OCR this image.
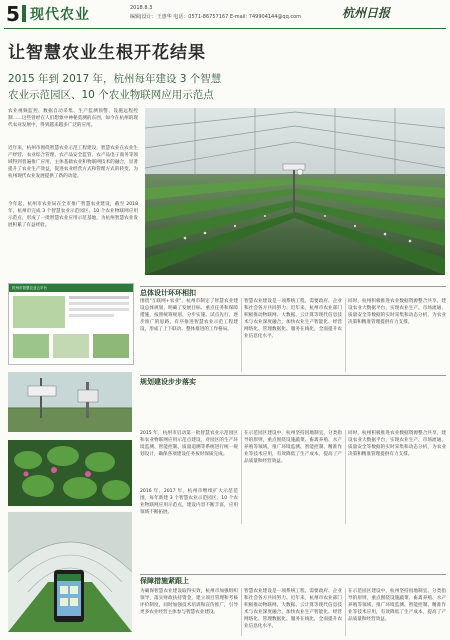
5 现代农业	2018.8.3
编辑|设计：王惠华 电话：0571-86757167 E-mail: 749904144@qq.com	杭州日报
让智慧农业生根开花结果
2015 年到 2017 年，杭州每年建设 3 个智慧
农业示范园区、10 个农业物联网应用示范点
农业视频监控、数据自动采集、生产监测预警、设施远程控制……这些曾经在人们想象中神秘莫测的东西，如今在杭州的现代农业发展中，得到越来越多广泛的应用。
近年来，杭州市围绕智慧农业示范工程建设，智慧农业在农业生产经营、农业综合管理、农产品安全监管、农产品电子商务等领域得到普遍推广应用，主体基础农业和物联网技术的融合，显著提升了农业生产效益，促进农业经营方式和管理方式的转变，为杭州现代农业发展提供了新的动能。
今年起，杭州市农业局在全市推广智慧农业建设，截至 2018 年，杭州市完成 3 个智慧农业示范园区、10 个农业物联网应用示范点，形成了一批智慧农业应用示范基地，为杭州智慧农业发展积累了有益经验。
杭州市智慧农业云平台
总体设计环环相扣
围绕"互联网+农业"，杭州市制定了智慧农业建设总体规划，明确了发展目标、重点任务和保障措施，按照统筹规划、分步实施、试点先行、逐步推广的思路，有序推进智慧农业示范工程建设，形成了上下联动、整体推进的工作格局。
智慧农业建设是一项系统工程，需要政府、企业和社会各方共同努力。近年来，杭州市农业部门积极推动物联网、大数据、云计算等现代信息技术与农业深度融合，加快农业生产智能化、经营网络化、管理数据化、服务在线化，全面提升农业信息化水平。
同时，杭州积极推进农业数据资源整合共享，建设农业大数据平台，实现农业生产、市场流通、质量安全等数据的实时采集和动态分析，为农业决策和精准管理提供有力支撑。
规划建设步步落实
2015 年，杭州市启动第一批智慧农业示范园区和农业物联网应用示范点建设，对园区的生产环境监测、智能控制、质量追溯等系统进行统一规划设计，确保各项建设任务按时保质完成。
2016 年、2017 年，杭州市继续扩大示范范围，每年新建 3 个智慧农业示范园区、10 个农业物联网应用示范点，建设内容不断丰富，应用领域不断拓展。
在示范园区建设中，杭州坚持因地制宜、分类指导的原则，重点围绕设施蔬菜、畜禽养殖、水产养殖等领域，推广环境监测、智能控制、精准作业等技术应用，有效降低了生产成本，提高了产品质量和经营效益。
同时，杭州积极推进农业数据资源整合共享，建设农业大数据平台，实现农业生产、市场流通、质量安全等数据的实时采集和动态分析，为农业决策和精准管理提供有力支撑。
保障措施紧跟上
为确保智慧农业建设取得实效，杭州市加强组织领导，落实财政扶持资金，建立项目管理和考核评价制度，同时加强技术培训和宣传推广，引导更多农业经营主体参与智慧农业建设。
智慧农业建设是一项系统工程，需要政府、企业和社会各方共同努力。近年来，杭州市农业部门积极推动物联网、大数据、云计算等现代信息技术与农业深度融合，加快农业生产智能化、经营网络化、管理数据化、服务在线化，全面提升农业信息化水平。
在示范园区建设中，杭州坚持因地制宜、分类指导的原则，重点围绕设施蔬菜、畜禽养殖、水产养殖等领域，推广环境监测、智能控制、精准作业等技术应用，有效降低了生产成本，提高了产品质量和经营效益。
